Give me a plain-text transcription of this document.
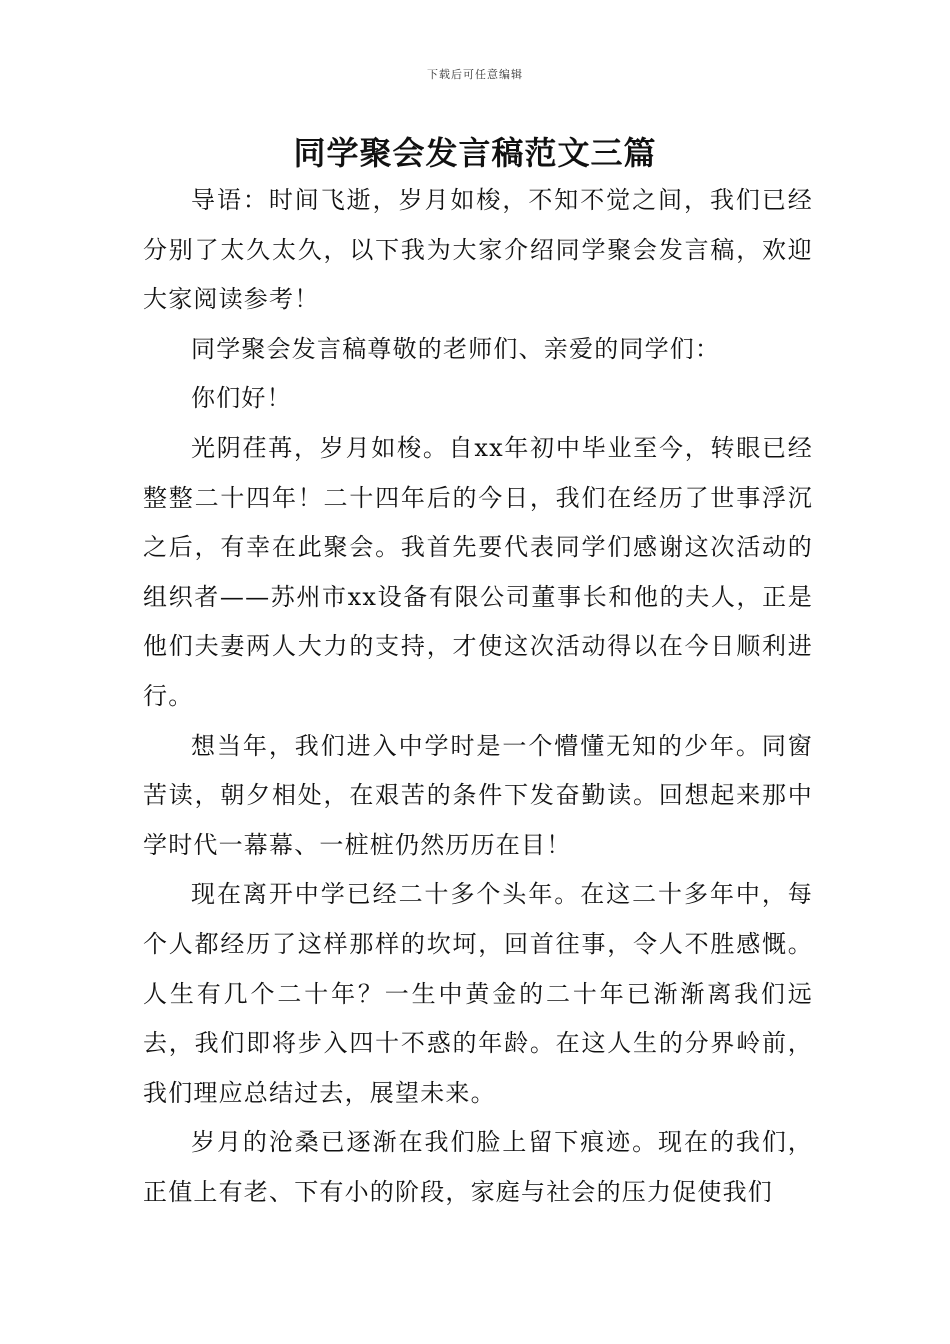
下载后可任意编辑
同学聚会发言稿范文三篇

导语：时间飞逝，岁月如梭，不知不觉之间，我们已经分别了太久太久，以下我为大家介绍同学聚会发言稿，欢迎大家阅读参考！

同学聚会发言稿尊敬的老师们、亲爱的同学们：

你们好！

光阴荏苒，岁月如梭。自xx年初中毕业至今，转眼已经整整二十四年！二十四年后的今日，我们在经历了世事浮沉之后，有幸在此聚会。我首先要代表同学们感谢这次活动的组织者——苏州市xx设备有限公司董事长和他的夫人，正是他们夫妻两人大力的支持，才使这次活动得以在今日顺利进行。

想当年，我们进入中学时是一个懵懂无知的少年。同窗苦读，朝夕相处，在艰苦的条件下发奋勤读。回想起来那中学时代一幕幕、一桩桩仍然历历在目！

现在离开中学已经二十多个头年。在这二十多年中，每个人都经历了这样那样的坎坷，回首往事，令人不胜感慨。人生有几个二十年？一生中黄金的二十年已渐渐离我们远去，我们即将步入四十不惑的年龄。在这人生的分界岭前，我们理应总结过去，展望未来。

岁月的沧桑已逐渐在我们脸上留下痕迹。现在的我们，正值上有老、下有小的阶段，家庭与社会的压力促使我们
